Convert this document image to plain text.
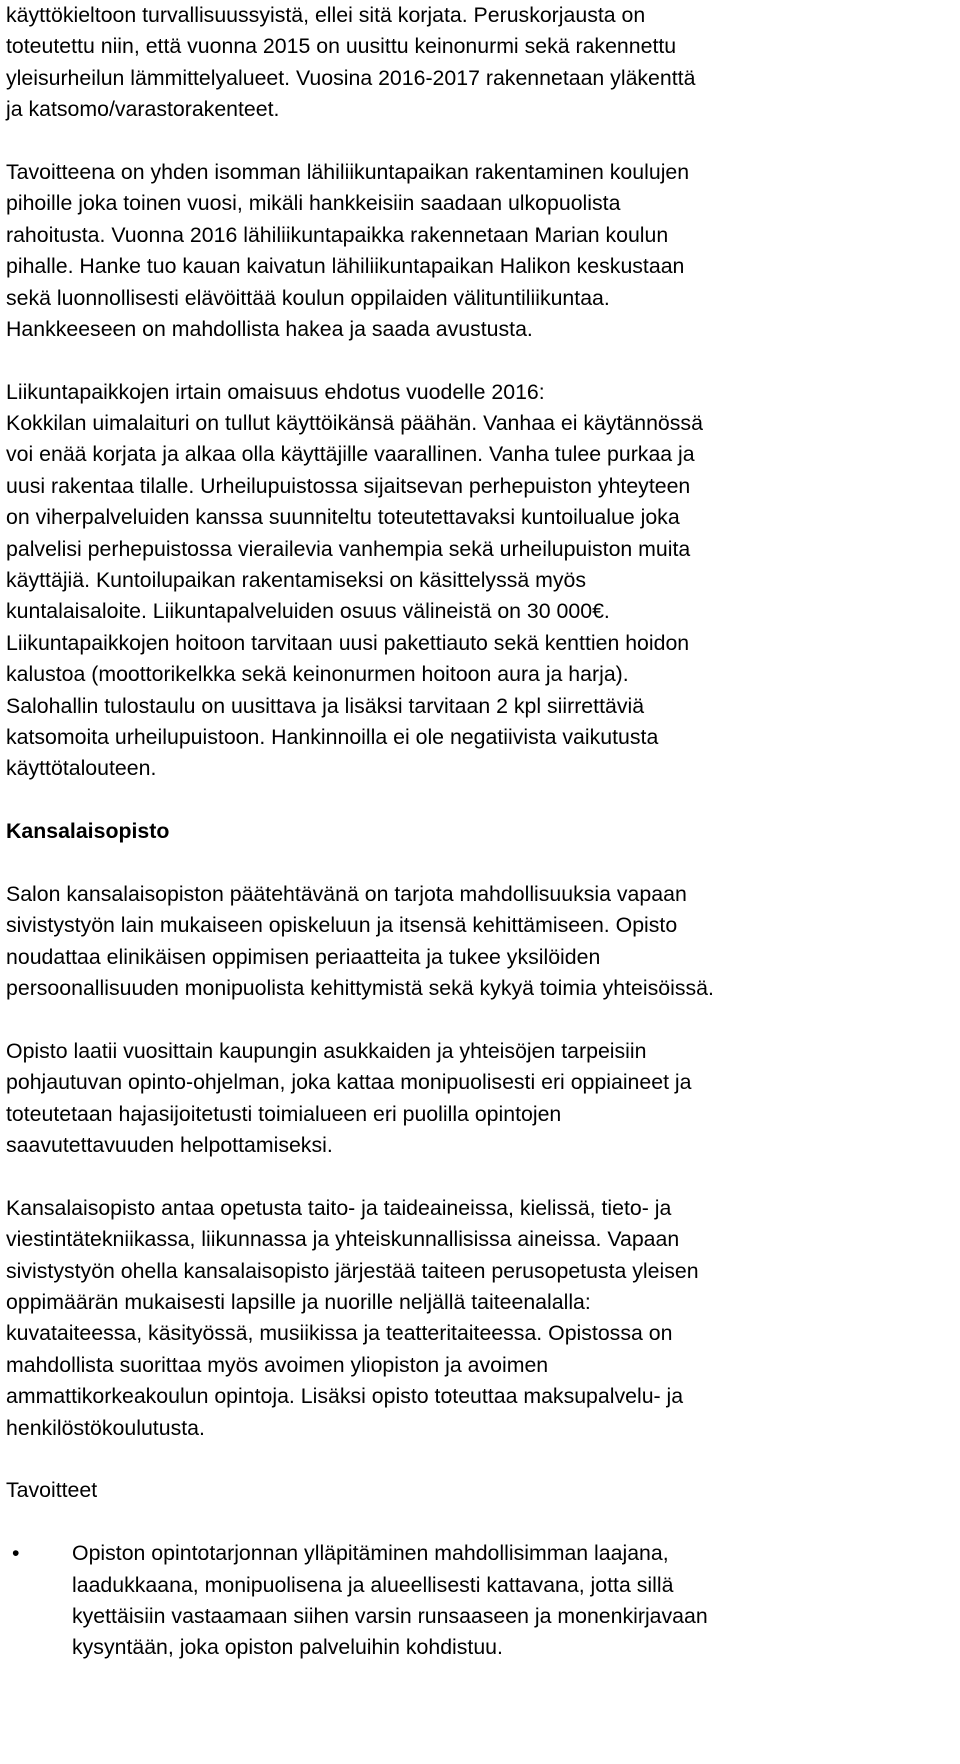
käyttökieltoon turvallisuussyistä, ellei sitä korjata. Peruskorjausta on
toteutettu niin, että vuonna 2015 on uusittu keinonurmi sekä rakennettu
yleisurheilun lämmittelyalueet. Vuosina 2016-2017 rakennetaan yläkenttä
ja katsomo/varastorakenteet.
Tavoitteena on yhden isomman lähiliikuntapaikan rakentaminen koulujen
pihoille joka toinen vuosi, mikäli hankkeisiin saadaan ulkopuolista
rahoitusta. Vuonna 2016 lähiliikuntapaikka rakennetaan Marian koulun
pihalle. Hanke tuo kauan kaivatun lähiliikuntapaikan Halikon keskustaan
sekä luonnollisesti elävöittää koulun oppilaiden välituntiliikuntaa.
Hankkeeseen on mahdollista hakea ja saada avustusta.
Liikuntapaikkojen irtain omaisuus ehdotus vuodelle 2016:
Kokkilan uimalaituri on tullut käyttöikänsä päähän. Vanhaa ei käytännössä
voi enää korjata ja alkaa olla käyttäjille vaarallinen. Vanha tulee purkaa ja
uusi rakentaa tilalle. Urheilupuistossa sijaitsevan perhepuiston yhteyteen
on viherpalveluiden kanssa suunniteltu toteutettavaksi kuntoilualue joka
palvelisi perhepuistossa vierailevia vanhempia sekä urheilupuiston muita
käyttäjiä. Kuntoilupaikan rakentamiseksi on käsittelyssä myös
kuntalaisaloite. Liikuntapalveluiden osuus välineistä on 30 000€.
Liikuntapaikkojen hoitoon tarvitaan uusi pakettiauto sekä kenttien hoidon
kalustoa (moottorikelkka sekä keinonurmen hoitoon aura ja harja).
Salohallin tulostaulu on uusittava ja lisäksi tarvitaan 2 kpl siirrettäviä
katsomoita urheilupuistoon. Hankinnoilla ei ole negatiivista vaikutusta
käyttötalouteen.
Kansalaisopisto
Salon kansalaisopiston päätehtävänä on tarjota mahdollisuuksia vapaan
sivistystyön lain mukaiseen opiskeluun ja itsensä kehittämiseen. Opisto
noudattaa elinikäisen oppimisen periaatteita ja tukee yksilöiden
persoonallisuuden monipuolista kehittymistä sekä kykyä toimia yhteisöissä.
Opisto laatii vuosittain kaupungin asukkaiden ja yhteisöjen tarpeisiin
pohjautuvan opinto-ohjelman, joka kattaa monipuolisesti eri oppiaineet ja
toteutetaan hajasijoitetusti toimialueen eri puolilla opintojen
saavutettavuuden helpottamiseksi.
Kansalaisopisto antaa opetusta taito- ja taideaineissa, kielissä, tieto- ja
viestintätekniikassa, liikunnassa ja yhteiskunnallisissa aineissa. Vapaan
sivistystyön ohella kansalaisopisto järjestää taiteen perusopetusta yleisen
oppimäärän mukaisesti lapsille ja nuorille neljällä taiteenalalla:
kuvataiteessa, käsityössä, musiikissa ja teatteritaiteessa. Opistossa on
mahdollista suorittaa myös avoimen yliopiston ja avoimen
ammattikorkeakoulun opintoja. Lisäksi opisto toteuttaa maksupalvelu- ja
henkilöstökoulutusta.
Tavoitteet
• Opiston opintotarjonnan ylläpitäminen mahdollisimman laajana,
laadukkaana, monipuolisena ja alueellisesti kattavana, jotta sillä
kyettäisiin vastaamaan siihen varsin runsaaseen ja monenkirjavaan
kysyntään, joka opiston palveluihin kohdistuu.
